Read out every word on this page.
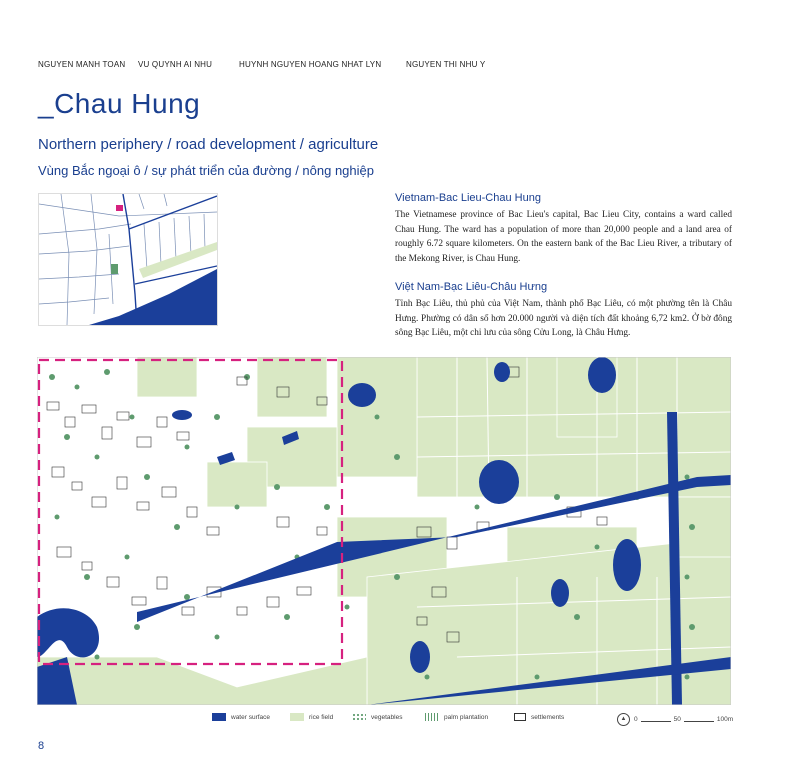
NGUYEN MANH TOAN VU QUYNH AI NHU	HUYNH NGUYEN HOANG NHAT LYN	NGUYEN THI NHU Y
_Chau Hung
Northern periphery / road development / agriculture
Vùng Bắc ngoại ô / sự phát triển của đường / nông nghiệp
Vietnam-Bac Lieu-Chau Hung
The Vietnamese province of Bac Lieu's capital, Bac Lieu City, contains a ward called Chau Hung. The ward has a population of more than 20,000 people and a land area of roughly 6.72 square kilometers. On the eastern bank of the Bac Lieu River, a tributary of the Mekong River, is Chau Hung.
Việt Nam-Bạc Liêu-Châu Hưng
Tỉnh Bạc Liêu, thủ phủ của Việt Nam, thành phố Bạc Liêu, có một phường tên là Châu Hưng. Phường có dân số hơn 20.000 người và diện tích đất khoảng 6,72 km2. Ở bờ đông sông Bạc Liêu, một chi lưu của sông Cửu Long, là Châu Hưng.
water surface	rice field	vegetables	palm plantation	settlements	▲	0	50	100m
8
